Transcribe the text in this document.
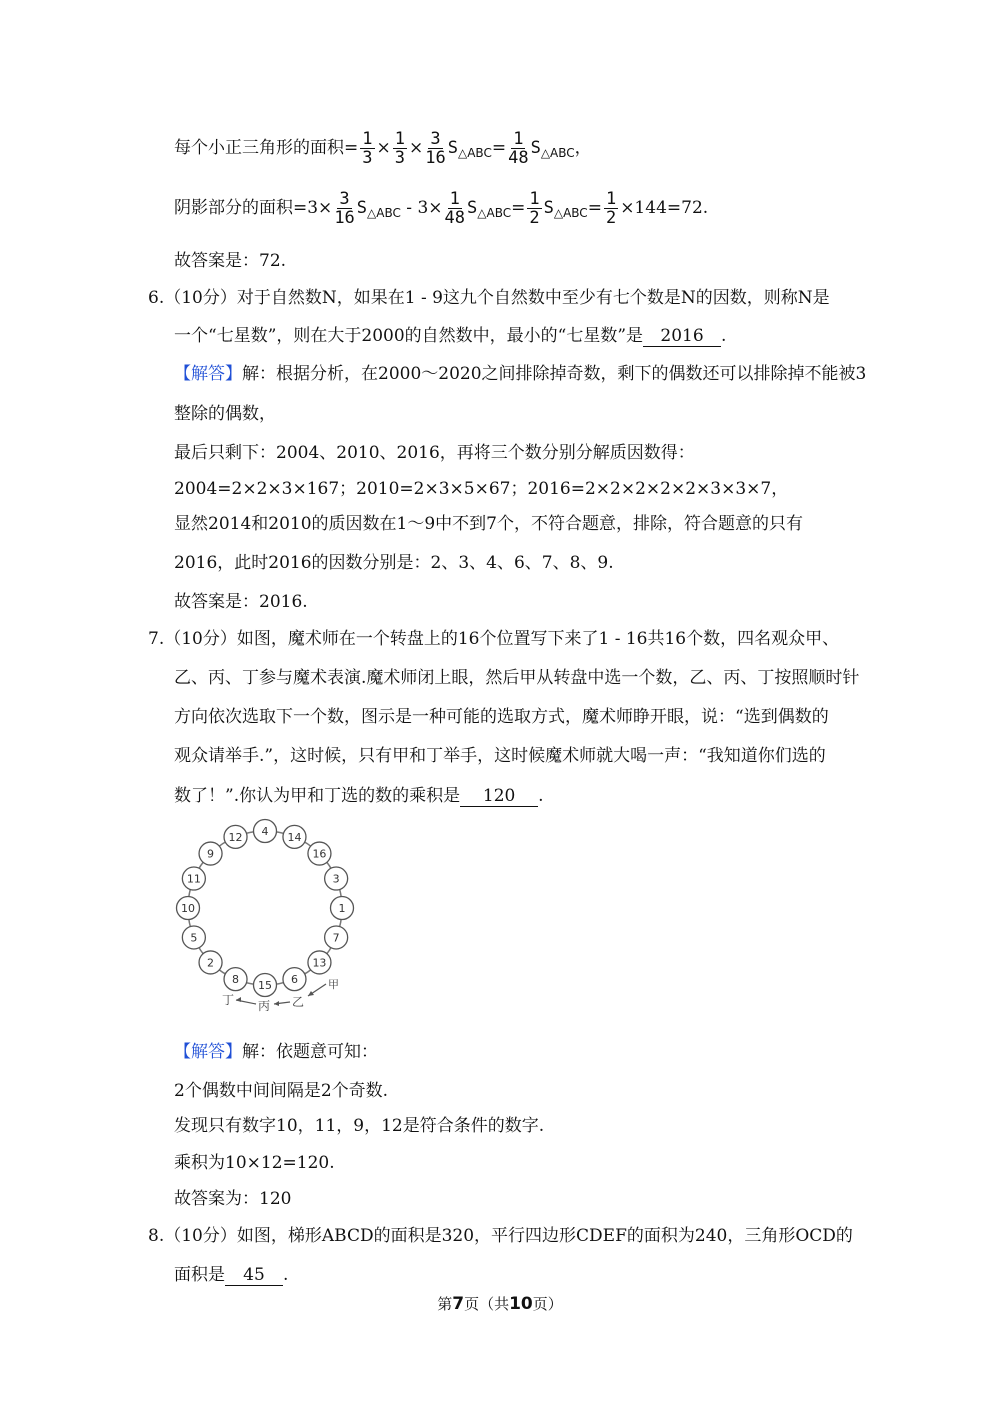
每个小正三角形的面积= $\frac{1}{3} \times \frac{1}{3} \times \frac{3}{16} S_{\triangle ABC}= \frac{1}{48} S_{\triangle ABC}$，
阴影部分的面积$=3\times \frac{3}{16} S_{\triangle ABC} - 3\times \frac{1}{48} S_{\triangle ABC}= \frac{1}{2} S_{\triangle ABC}= \frac{1}{2} \times 144=72$.
故答案是：72.
6.（10分）对于自然数N，如果在1 - 9这九个自然数中至少有七个数是N的因数，则称N是
一个“七星数”，则在大于2000的自然数中，最小的“七星数”是 2016 .
【解答】解：根据分析，在2000～2020之间排除掉奇数，剩下的偶数还可以排除掉不能被3
整除的偶数，
最后只剩下：2004、2010、2016，再将三个数分别分解质因数得：
2004=2×2×3×167；2010=2×3×5×67；2016=2×2×2×2×2×3×3×7，
显然2014和2010的质因数在1～9中不到7个，不符合题意，排除，符合题意的只有
2016，此时2016的因数分别是：2、3、4、6、7、8、9.
故答案是：2016.
7.（10分）如图，魔术师在一个转盘上的16个位置写下来了1 - 16共16个数，四名观众甲、
乙、丙、丁参与魔术表演.魔术师闭上眼，然后甲从转盘中选一个数，乙、丙、丁按照顺时针
方向依次选取下一个数，图示是一种可能的选取方式，魔术师睁开眼，说：“选到偶数的
观众请举手.”，这时候，只有甲和丁举手，这时候魔术师就大喝一声：“我知道你们选的
数了！”.你认为甲和丁选的数的乘积是 120 .
4 14
16
3
1
7
13
6
15
8
2
5
10
11
9
12
甲
乙
丙
丁
【解答】解：依题意可知：
2个偶数中间间隔是2个奇数.
发现只有数字10，11，9，12是符合条件的数字.
乘积为10×12=120.
故答案为：120
8.（10分）如图，梯形ABCD的面积是320，平行四边形CDEF的面积为240，三角形OCD的
面积是 45 .
第7页（共10页）
